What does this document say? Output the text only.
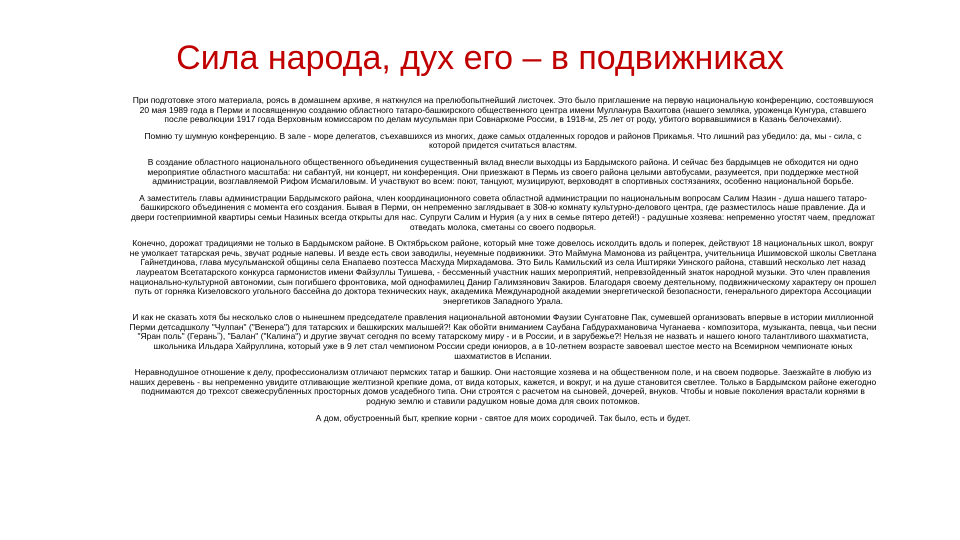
Сила народа, дух его – в подвижниках

При подготовке этого материала, роясь в домашнем архиве, я наткнулся на прелюбопытнейший листочек. Это было приглашение на первую национальную конференцию, состоявшуюся 20 мая 1989 года в Перми и посвященную созданию областного татаро-башкирского общественного центра имени Мулланура Вахитова (нашего земляка, уроженца Кунгура, ставшего после революции 1917 года Верховным комиссаром по делам мусульман при Совнаркоме России, в 1918-м, 25 лет от роду, убитого ворвавшимися в Казань белочехами).

Помню ту шумную конференцию. В зале - море делегатов, съехавшихся из многих, даже самых отдаленных городов и районов Прикамья. Что лишний раз убедило: да, мы - сила, с которой придется считаться властям.

В создание областного национального общественного объединения существенный вклад внесли выходцы из Бардымского района. И сейчас без бардымцев не обходится ни одно мероприятие областного масштаба: ни сабантуй, ни концерт, ни конференция. Они приезжают в Пермь из своего района целыми автобусами, разумеется, при поддержке местной администрации, возглавляемой Рифом Исмагиловым. И участвуют во всем: поют, танцуют, музицируют, верховодят в спортивных состязаниях, особенно национальной борьбе.

А заместитель главы администрации Бардымского района, член координационного совета областной администрации по национальным вопросам Салим Назин - душа нашего татаро-башкирского объединения с момента его создания. Бывая в Перми, он непременно заглядывает в 308-ю комнату культурно-делового центра, где разместилось наше правление. Да и двери гостеприимной квартиры семьи Назиных всегда открыты для нас. Супруги Салим и Нурия (а у них в семье пятеро детей!) - радушные хозяева: непременно угостят чаем, предложат отведать молока, сметаны со своего подворья.

Конечно, дорожат традициями не только в Бардымском районе. В Октябрьском районе, который мне тоже довелось исколдить вдоль и поперек, действуют 18 национальных школ, вокруг не умолкает татарская речь, звучат родные напевы. И везде есть свои заводилы, неуемные подвижники. Это Маймуна Мамонова из райцентра, учительница Ишимовской школы Светлана Гайнетдинова, глава мусульманской общины села Енапаево поэтесса Масхуда Мирхадамова. Это Биль Камильский из села Иштиряки Уинского района, ставший несколько лет назад лауреатом Всетатарского конкурса гармонистов имени Файзуллы Туишева, - бессменный участник наших мероприятий, непревзойденный знаток народной музыки. Это член правления национально-культурной автономии, сын погибшего фронтовика, мой однофамилец Данир Галимзянович Закиров. Благодаря своему деятельному, подвижническому характеру он прошел путь от горняка Кизеловского угольного бассейна до доктора технических наук, академика Международной академии энергетической безопасности, генерального директора Ассоциации энергетиков Западного Урала.

И как не сказать хотя бы несколько слов о нынешнем председателе правления национальной автономии Фаузии Сунгатовне Пак, сумевшей организовать впервые в истории миллионной Перми детсадшколу "Чулпан" ("Венера") для татарских и башкирских малышей?! Как обойти вниманием Саубана Габдурахмановича Чуганаева - композитора, музыканта, певца, чьи песни "Яран поль" (Гераньˮ), "Балан" ("Калина") и другие звучат сегодня по всему татарскому миру - и в России, и в зарубежье?! Нельзя не назвать и нашего юного талантливого шахматиста, школьника Ильдара Хайруллина, который уже в 9 лет стал чемпионом России среди юниоров, а в 10-летнем возрасте завоевал шестое место на Всемирном чемпионате юных шахматистов в Испании.

Неравнодушное отношение к делу, профессионализм отличают пермских татар и башкир. Они настоящие хозяева и на общественном поле, и на своем подворье. Заезжайте в любую из наших деревень - вы непременно увидите отливающие желтизной крепкие дома, от вида которых, кажется, и вокруг, и на душе становится светлее. Только в Бардымском районе ежегодно поднимаются до трехсот свежесрубленных просторных домов усадебного типа. Они строятся с расчетом на сыновей, дочерей, внуков. Чтобы и новые поколения врастали корнями в родную землю и ставили радушком новые дома для своих потомков.

А дом, обустроенный быт, крепкие корни - святое для моих сородичей. Так было, есть и будет.
